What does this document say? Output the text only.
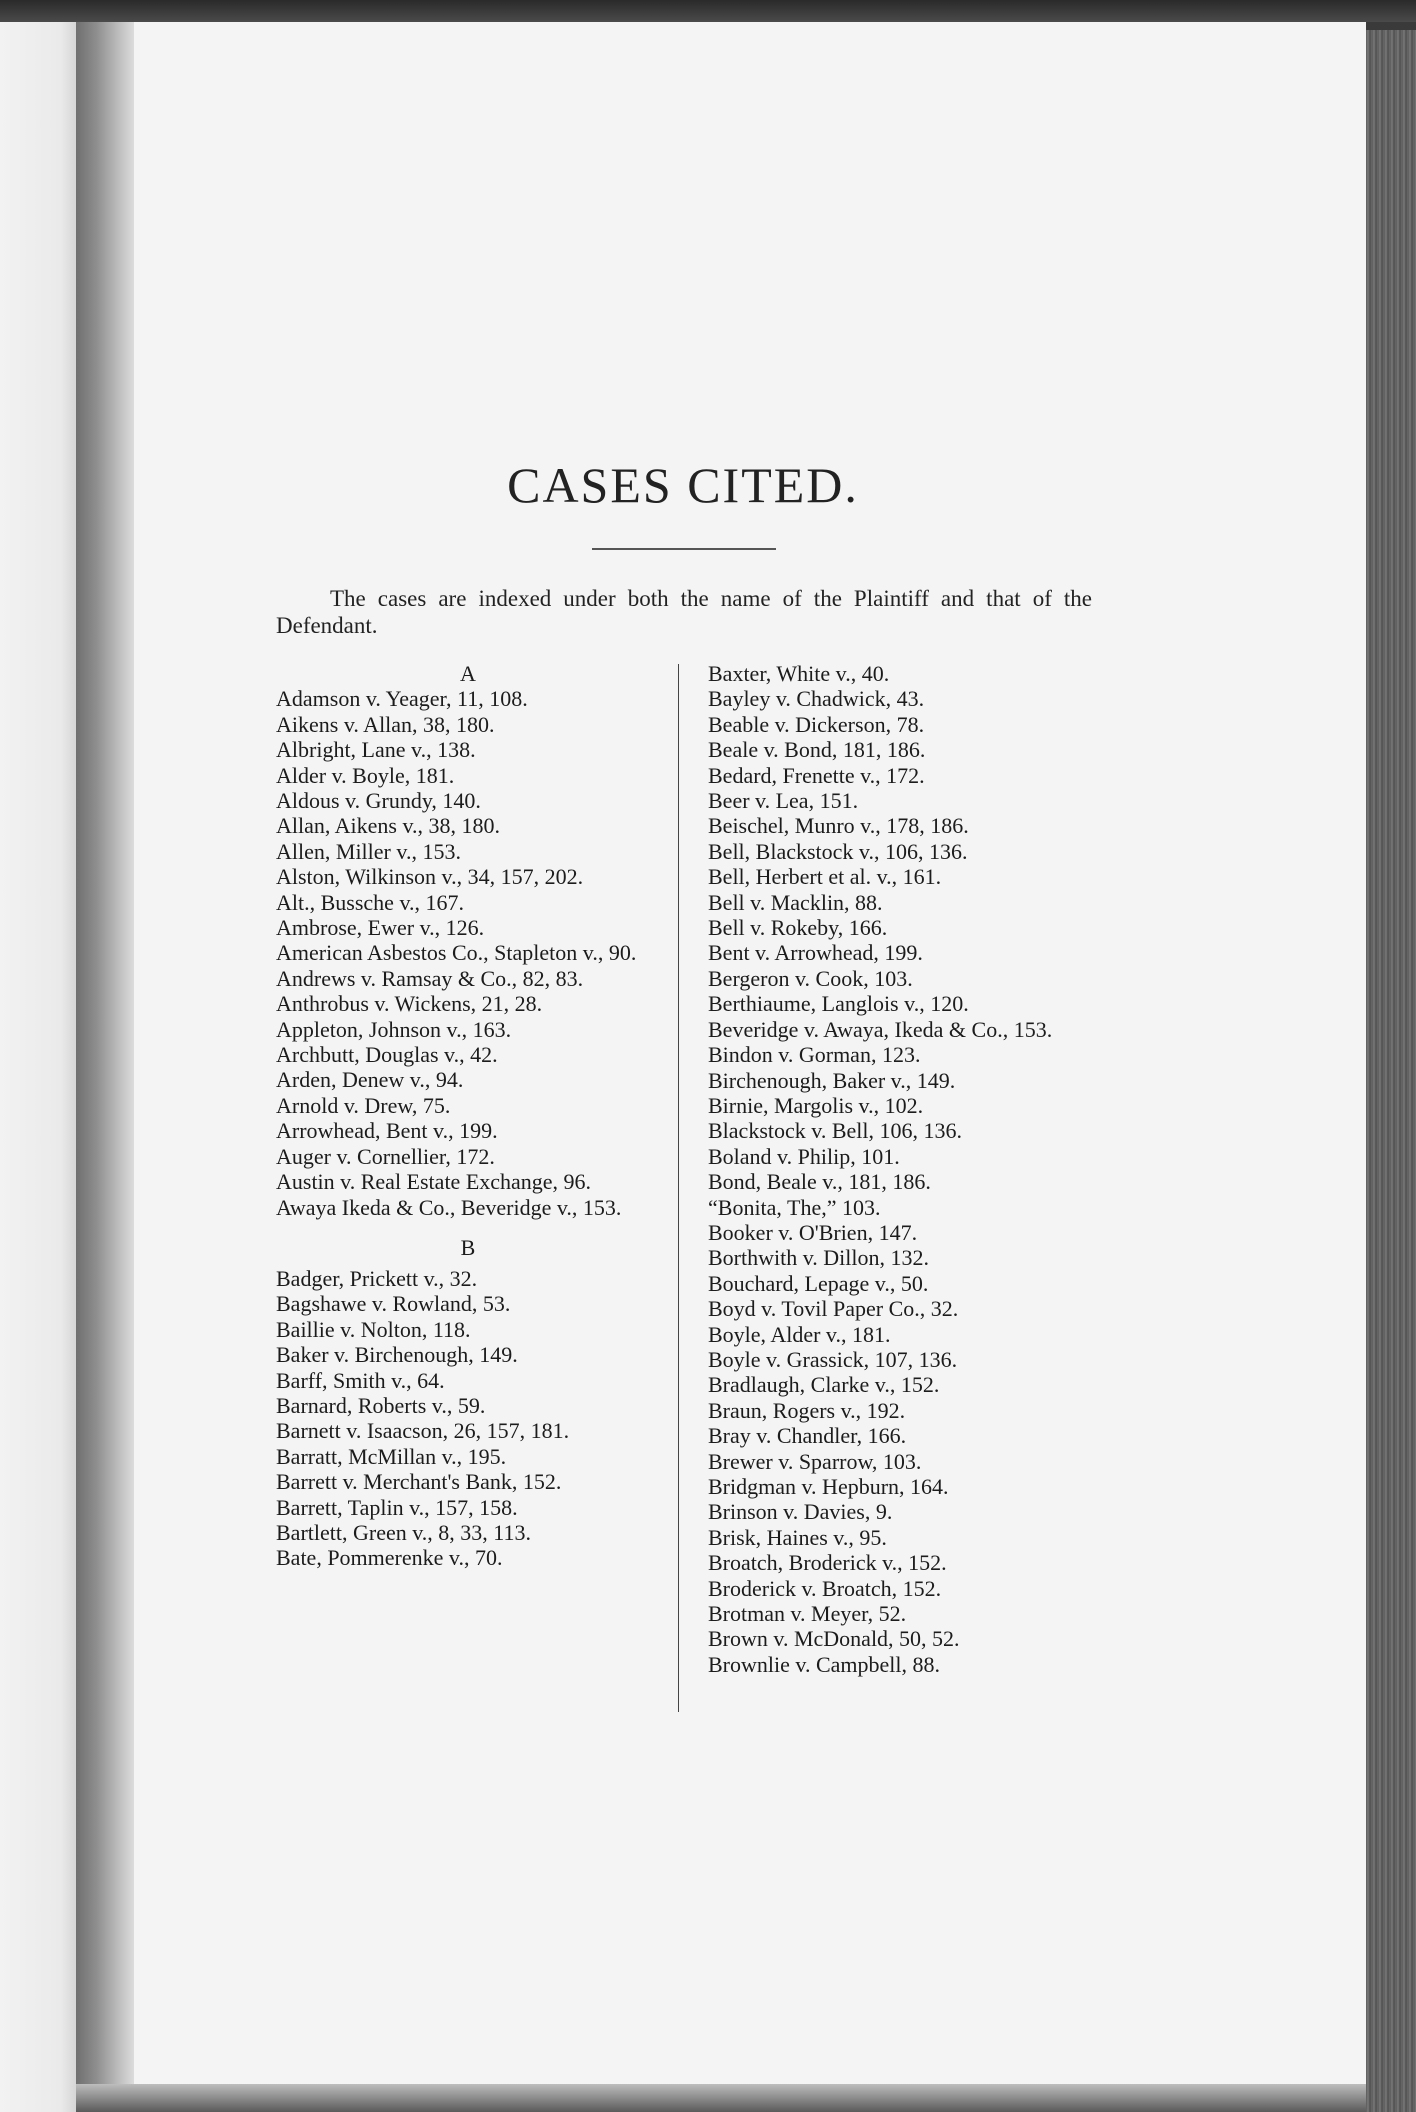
CASES CITED.

The cases are indexed under both the name of the Plaintiff and that of the Defendant.

A
Adamson v. Yeager, 11, 108.
Aikens v. Allan, 38, 180.
Albright, Lane v., 138.
Alder v. Boyle, 181.
Aldous v. Grundy, 140.
Allan, Aikens v., 38, 180.
Allen, Miller v., 153.
Alston, Wilkinson v., 34, 157, 202.
Alt., Bussche v., 167.
Ambrose, Ewer v., 126.
American Asbestos Co., Stapleton v., 90.
Andrews v. Ramsay & Co., 82, 83.
Anthrobus v. Wickens, 21, 28.
Appleton, Johnson v., 163.
Archbutt, Douglas v., 42.
Arden, Denew v., 94.
Arnold v. Drew, 75.
Arrowhead, Bent v., 199.
Auger v. Cornellier, 172.
Austin v. Real Estate Exchange, 96.
Awaya Ikeda & Co., Beveridge v., 153.
B
Badger, Prickett v., 32.
Bagshawe v. Rowland, 53.
Baillie v. Nolton, 118.
Baker v. Birchenough, 149.
Barff, Smith v., 64.
Barnard, Roberts v., 59.
Barnett v. Isaacson, 26, 157, 181.
Barratt, McMillan v., 195.
Barrett v. Merchant's Bank, 152.
Barrett, Taplin v., 157, 158.
Bartlett, Green v., 8, 33, 113.
Bate, Pommerenke v., 70.
Baxter, White v., 40.
Bayley v. Chadwick, 43.
Beable v. Dickerson, 78.
Beale v. Bond, 181, 186.
Bedard, Frenette v., 172.
Beer v. Lea, 151.
Beischel, Munro v., 178, 186.
Bell, Blackstock v., 106, 136.
Bell, Herbert et al. v., 161.
Bell v. Macklin, 88.
Bell v. Rokeby, 166.
Bent v. Arrowhead, 199.
Bergeron v. Cook, 103.
Berthiaume, Langlois v., 120.
Beveridge v. Awaya, Ikeda & Co., 153.
Bindon v. Gorman, 123.
Birchenough, Baker v., 149.
Birnie, Margolis v., 102.
Blackstock v. Bell, 106, 136.
Boland v. Philip, 101.
Bond, Beale v., 181, 186.
“Bonita, The,” 103.
Booker v. O'Brien, 147.
Borthwith v. Dillon, 132.
Bouchard, Lepage v., 50.
Boyd v. Tovil Paper Co., 32.
Boyle, Alder v., 181.
Boyle v. Grassick, 107, 136.
Bradlaugh, Clarke v., 152.
Braun, Rogers v., 192.
Bray v. Chandler, 166.
Brewer v. Sparrow, 103.
Bridgman v. Hepburn, 164.
Brinson v. Davies, 9.
Brisk, Haines v., 95.
Broatch, Broderick v., 152.
Broderick v. Broatch, 152.
Brotman v. Meyer, 52.
Brown v. McDonald, 50, 52.
Brownlie v. Campbell, 88.
